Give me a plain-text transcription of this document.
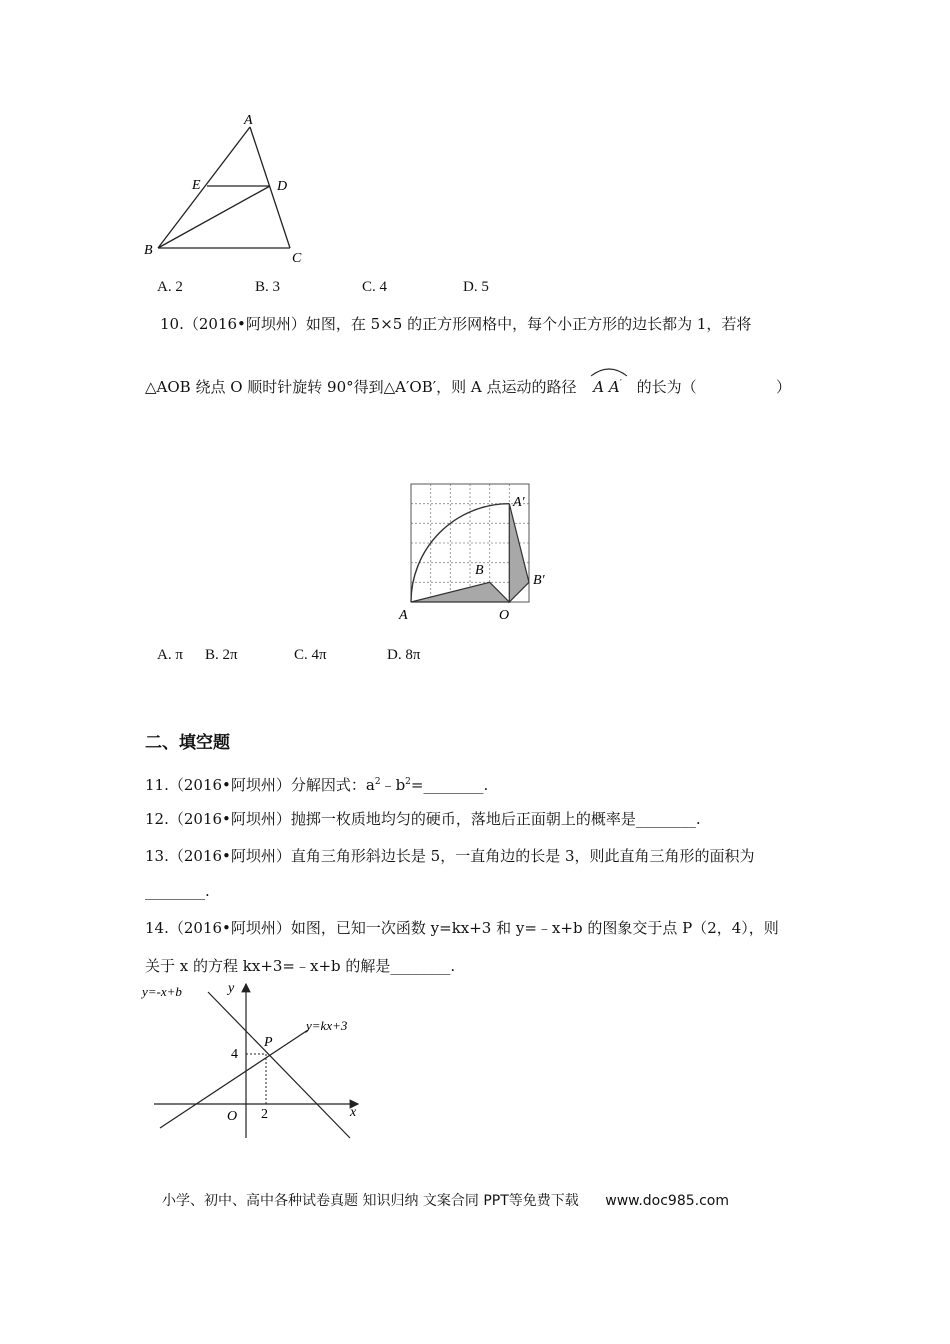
A
E	D
B
C
A. 2	B. 3	C. 4	D. 5
10.（2016•阿坝州）如图，在 5×5 的正方形网格中，每个小正方形的边长都为 1，若将
△AOB 绕点 O 顺时针旋转 90°得到△A′OB′，则 A 点运动的路径 A A′ 的长为（	）
A	O
B
A′
B′
A. π B. 2π	C. 4π	D. 8π
二、填空题
11.（2016•阿坝州）分解因式：$a^2﹣b^2=\_\_\_\_\_\_\_\_$.
12.（2016•阿坝州）抛掷一枚质地均匀的硬币，落地后正面朝上的概率是________.
13.（2016•阿坝州）直角三角形斜边长是 5，一直角边的长是 3，则此直角三角形的面积为
________.
14.（2016•阿坝州）如图，已知一次函数 y=kx+3 和 y=﹣x+b 的图象交于点 P（2，4），则
关于 x 的方程 kx+3=﹣x+b 的解是________.
y=-x+b
y=kx+3
y
x
O
P
4
2
小学、初中、高中各种试卷真题 知识归纳 文案合同 PPT等免费下载 www.doc985.com
